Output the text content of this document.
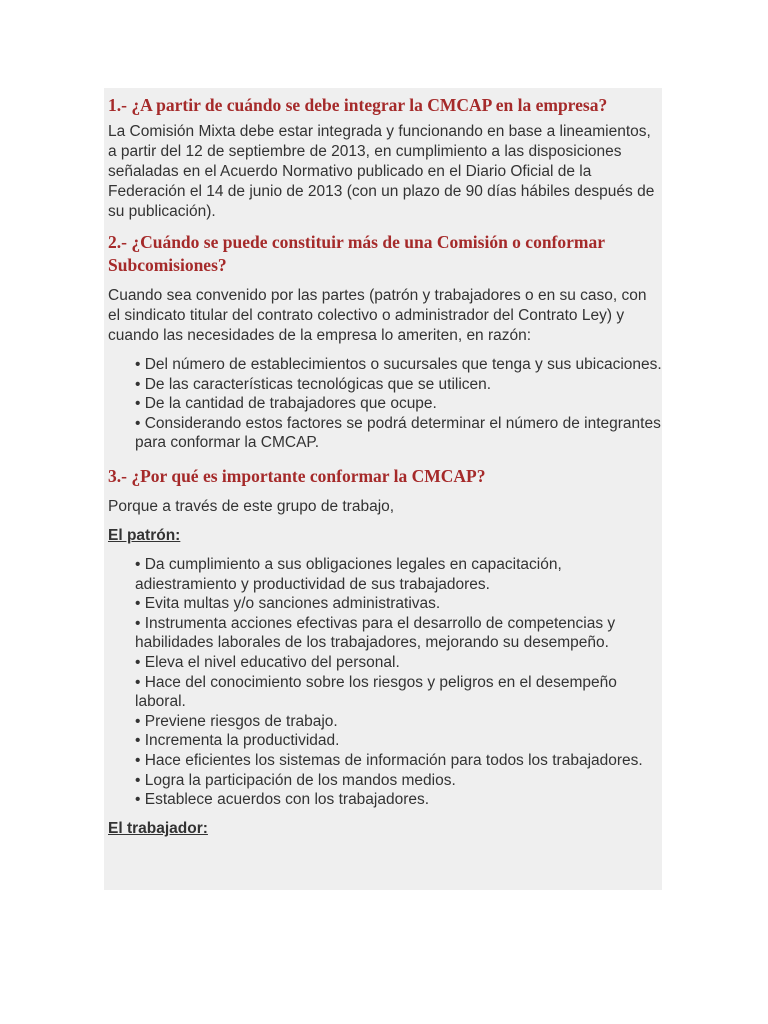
1.- ¿A partir de cuándo se debe integrar la CMCAP en la empresa?

La Comisión Mixta debe estar integrada y funcionando en base a lineamientos, a partir del 12 de septiembre de 2013, en cumplimiento a las disposiciones señaladas en el Acuerdo Normativo publicado en el Diario Oficial de la Federación el 14 de junio de 2013 (con un plazo de 90 días hábiles después de su publicación).

2.- ¿Cuándo se puede constituir más de una Comisión o conformar Subcomisiones?

Cuando sea convenido por las partes (patrón y trabajadores o en su caso, con el sindicato titular del contrato colectivo o administrador del Contrato Ley) y cuando las necesidades de la empresa lo ameriten, en razón:

• Del número de establecimientos o sucursales que tenga y sus ubicaciones.
• De las características tecnológicas que se utilicen.
• De la cantidad de trabajadores que ocupe.
• Considerando estos factores se podrá determinar el número de integrantes para conformar la CMCAP.

3.- ¿Por qué es importante conformar la CMCAP?

Porque a través de este grupo de trabajo,

El patrón:

• Da cumplimiento a sus obligaciones legales en capacitación, adiestramiento y productividad de sus trabajadores.
• Evita multas y/o sanciones administrativas.
• Instrumenta acciones efectivas para el desarrollo de competencias y habilidades laborales de los trabajadores, mejorando su desempeño.
• Eleva el nivel educativo del personal.
• Hace del conocimiento sobre los riesgos y peligros en el desempeño laboral.
• Previene riesgos de trabajo.
• Incrementa la productividad.
• Hace eficientes los sistemas de información para todos los trabajadores.
• Logra la participación de los mandos medios.
• Establece acuerdos con los trabajadores.

El trabajador:
